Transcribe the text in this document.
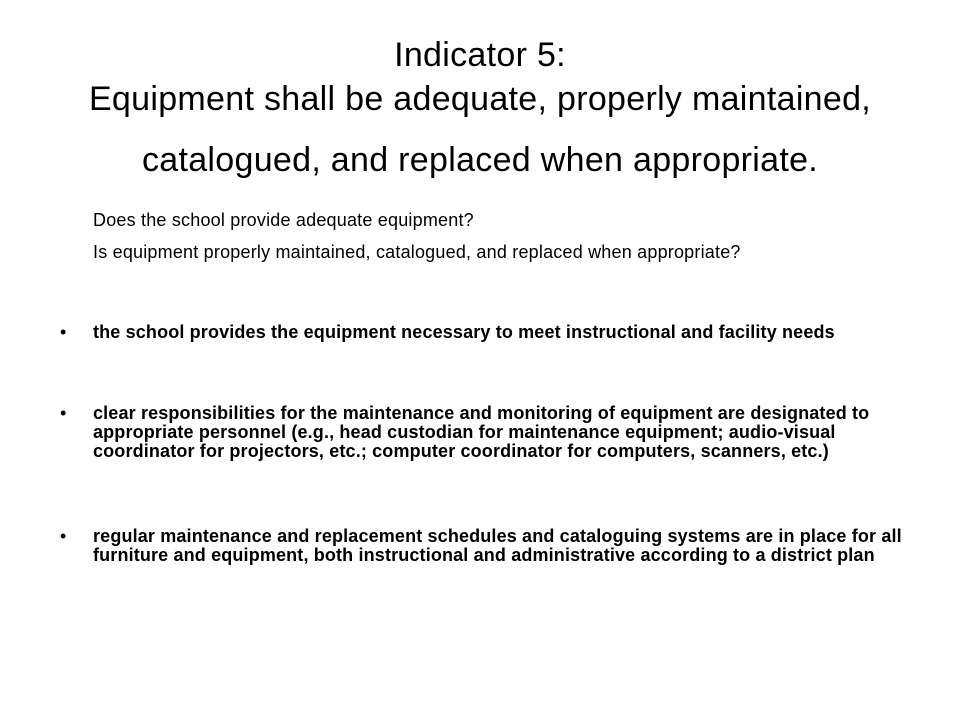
Indicator 5:
Equipment shall be adequate, properly maintained,
catalogued, and replaced when appropriate.
Does the school provide adequate equipment?
Is equipment properly maintained, catalogued, and replaced when appropriate?
• the school provides the equipment necessary to meet instructional and facility needs
• clear responsibilities for the maintenance and monitoring of equipment are designated to appropriate personnel (e.g., head custodian for maintenance equipment; audio-visual coordinator for projectors, etc.; computer coordinator for computers, scanners, etc.)
• regular maintenance and replacement schedules and cataloguing systems are in place for all furniture and equipment, both instructional and administrative according to a district plan
